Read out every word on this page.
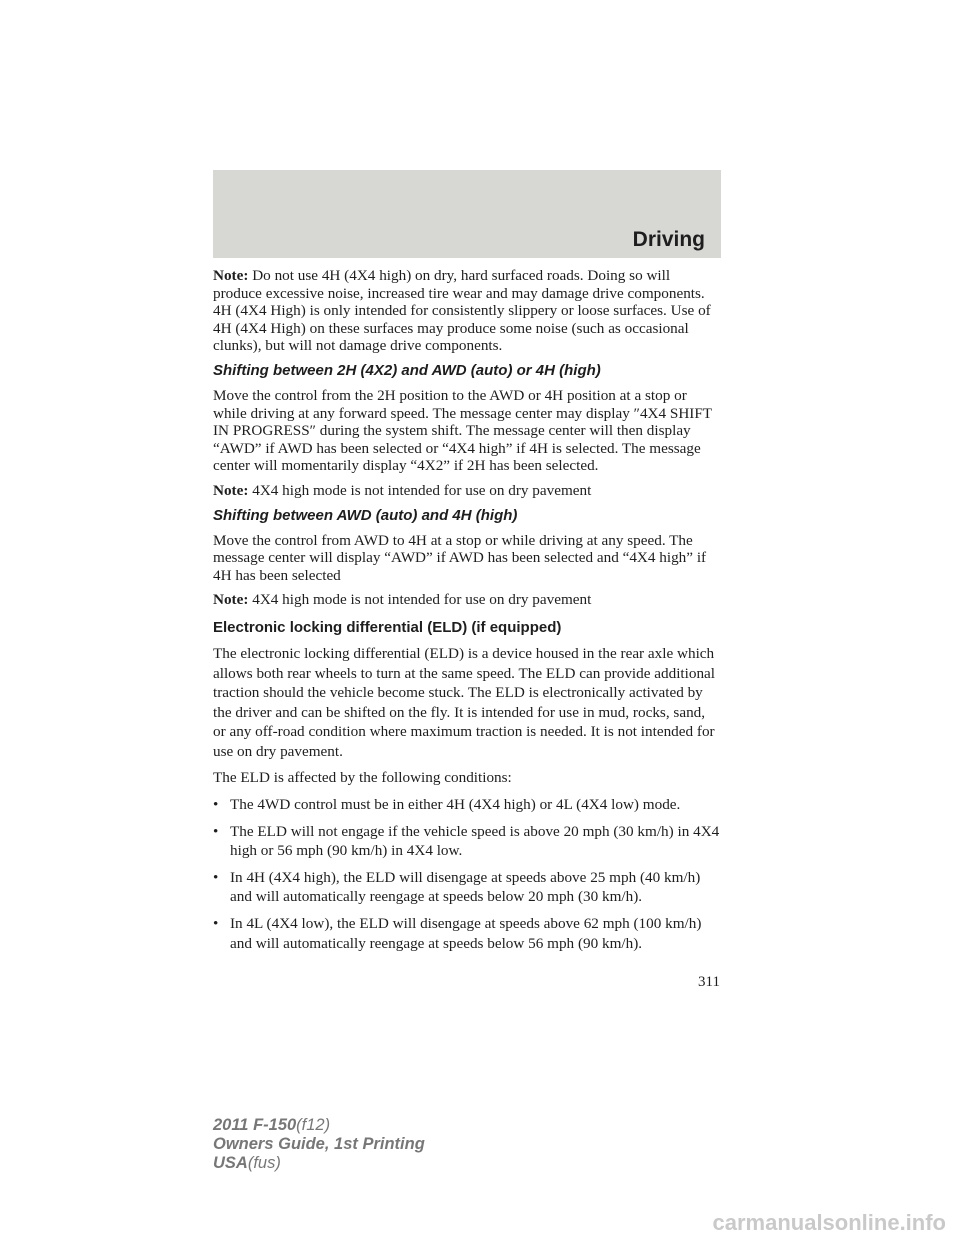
Driving

Note: Do not use 4H (4X4 high) on dry, hard surfaced roads. Doing so will produce excessive noise, increased tire wear and may damage drive components. 4H (4X4 High) is only intended for consistently slippery or loose surfaces. Use of 4H (4X4 High) on these surfaces may produce some noise (such as occasional clunks), but will not damage drive components.

Shifting between 2H (4X2) and AWD (auto) or 4H (high)

Move the control from the 2H position to the AWD or 4H position at a stop or while driving at any forward speed. The message center may display ″4X4 SHIFT IN PROGRESS″ during the system shift. The message center will then display “AWD” if AWD has been selected or “4X4 high” if 4H is selected. The message center will momentarily display “4X2” if 2H has been selected.

Note: 4X4 high mode is not intended for use on dry pavement

Shifting between AWD (auto) and 4H (high)

Move the control from AWD to 4H at a stop or while driving at any speed. The message center will display “AWD” if AWD has been selected and “4X4 high” if 4H has been selected

Note: 4X4 high mode is not intended for use on dry pavement

Electronic locking differential (ELD) (if equipped)

The electronic locking differential (ELD) is a device housed in the rear axle which allows both rear wheels to turn at the same speed. The ELD can provide additional traction should the vehicle become stuck. The ELD is electronically activated by the driver and can be shifted on the fly. It is intended for use in mud, rocks, sand, or any off-road condition where maximum traction is needed. It is not intended for use on dry pavement.

The ELD is affected by the following conditions:

• The 4WD control must be in either 4H (4X4 high) or 4L (4X4 low) mode.
• The ELD will not engage if the vehicle speed is above 20 mph (30 km/h) in 4X4 high or 56 mph (90 km/h) in 4X4 low.
• In 4H (4X4 high), the ELD will disengage at speeds above 25 mph (40 km/h) and will automatically reengage at speeds below 20 mph (30 km/h).
• In 4L (4X4 low), the ELD will disengage at speeds above 62 mph (100 km/h) and will automatically reengage at speeds below 56 mph (90 km/h).
311
2011 F-150(f12)
Owners Guide, 1st Printing
USA(fus)
carmanualsonline.info
